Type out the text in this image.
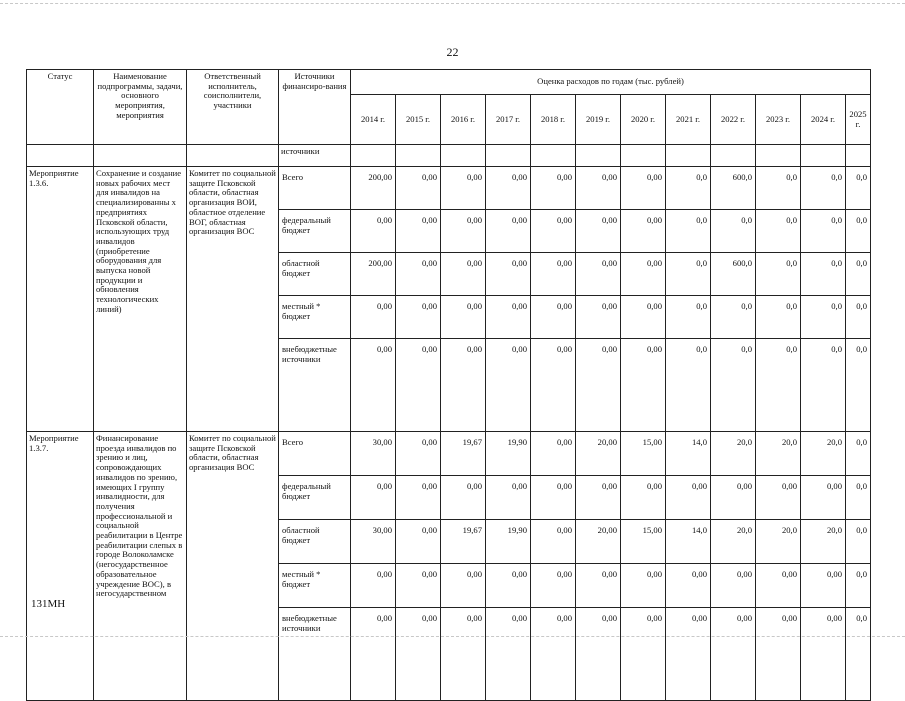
22
Статус	Наименование подпрограммы, задачи, основного мероприятия, мероприятия	Ответственный исполнитель, соисполнители, участники	Источники финансиро-вания	Оценка расходов по годам (тыс. рублей)											
				2014 г.	2015 г.	2016 г.	2017 г.	2018 г.	2019 г.	2020 г.	2021 г.	2022 г.	2023 г.	2024 г.	2025 г.
			источники												
Мероприятие 1.3.6.	Сохранение и создание новых рабочих мест для инвалидов на специализированны х предприятиях Псковской области, использующих труд инвалидов (приобретение оборудования для выпуска новой продукции и обновления технологических линий)	Комитет по социальной защите Псковской области, областная организация ВОИ, областное отделение ВОГ, областная организация ВОС	Всего	200,00	0,00	0,00	0,00	0,00	0,00	0,00	0,0	600,0	0,0	0,0	0,0
			федеральный бюджет	0,00	0,00	0,00	0,00	0,00	0,00	0,00	0,0	0,0	0,0	0,0	0,0
			областной бюджет	200,00	0,00	0,00	0,00	0,00	0,00	0,00	0,0	600,0	0,0	0,0	0,0
			местный * бюджет	0,00	0,00	0,00	0,00	0,00	0,00	0,00	0,0	0,0	0,0	0,0	0,0
			внебюджетные источники	0,00	0,00	0,00	0,00	0,00	0,00	0,00	0,0	0,0	0,0	0,0	0,0
Мероприятие 1.3.7.	Финансирование проезда инвалидов по зрению и лиц, сопровождающих инвалидов по зрению, имеющих I группу инвалидности, для получения профессиональной и социальной реабилитации в Центре реабилитации слепых в городе Волоколамске (негосударственное образовательное учреждение ВОС), в негосударственном	Комитет по социальной защите Псковской области, областная организация ВОС	Всего	30,00	0,00	19,67	19,90	0,00	20,00	15,00	14,0	20,0	20,0	20,0	0,0
			федеральный бюджет	0,00	0,00	0,00	0,00	0,00	0,00	0,00	0,00	0,00	0,00	0,00	0,0
			областной бюджет	30,00	0,00	19,67	19,90	0,00	20,00	15,00	14,0	20,0	20,0	20,0	0,0
			местный * бюджет	0,00	0,00	0,00	0,00	0,00	0,00	0,00	0,00	0,00	0,00	0,00	0,0
			внебюджетные источники	0,00	0,00	0,00	0,00	0,00	0,00	0,00	0,00	0,00	0,00	0,00	0,0
131МН
